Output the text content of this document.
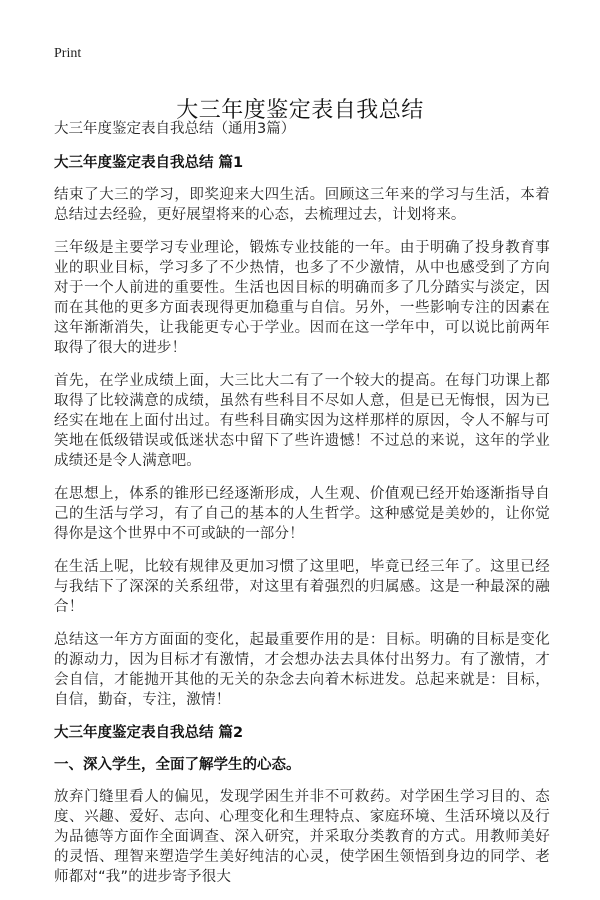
Print
大三年度鉴定表自我总结
大三年度鉴定表自我总结（通用3篇）
大三年度鉴定表自我总结 篇1

结束了大三的学习，即奖迎来大四生活。回顾这三年来的学习与生活，本着总结过去经验，更好展望将来的心态，去梳理过去，计划将来。

三年级是主要学习专业理论，锻炼专业技能的一年。由于明确了投身教育事业的职业目标，学习多了不少热情，也多了不少激情，从中也感受到了方向对于一个人前进的重要性。生活也因目标的明确而多了几分踏实与淡定，因而在其他的更多方面表现得更加稳重与自信。另外，一些影响专注的因素在这年渐渐消失，让我能更专心于学业。因而在这一学年中，可以说比前两年取得了很大的进步！

首先，在学业成绩上面，大三比大二有了一个较大的提高。在每门功课上都取得了比较满意的成绩，虽然有些科目不尽如人意，但是已无悔恨，因为已经实在地在上面付出过。有些科目确实因为这样那样的原因，令人不解与可笑地在低级错误或低迷状态中留下了些许遗憾！不过总的来说，这年的学业成绩还是令人满意吧。

在思想上，体系的锥形已经逐渐形成，人生观、价值观已经开始逐渐指导自己的生活与学习，有了自己的基本的人生哲学。这种感觉是美妙的，让你觉得你是这个世界中不可或缺的一部分！

在生活上呢，比较有规律及更加习惯了这里吧，毕竟已经三年了。这里已经与我结下了深深的关系纽带，对这里有着强烈的归属感。这是一种最深的融合！

总结这一年方方面面的变化，起最重要作用的是：目标。明确的目标是变化的源动力，因为目标才有激情，才会想办法去具体付出努力。有了激情，才会自信，才能抛开其他的无关的杂念去向着木标进发。总起来就是：目标，自信，勤奋，专注，激情！

大三年度鉴定表自我总结 篇2
一、深入学生，全面了解学生的心态。

放弃门缝里看人的偏见，发现学困生并非不可救药。对学困生学习目的、态度、兴趣、爱好、志向、心理变化和生理特点、家庭环境、生活环境以及行为品德等方面作全面调查、深入研究，并采取分类教育的方式。用教师美好的灵悟、理智来塑造学生美好纯洁的心灵，使学困生领悟到身边的同学、老师都对“我”的进步寄予很大
